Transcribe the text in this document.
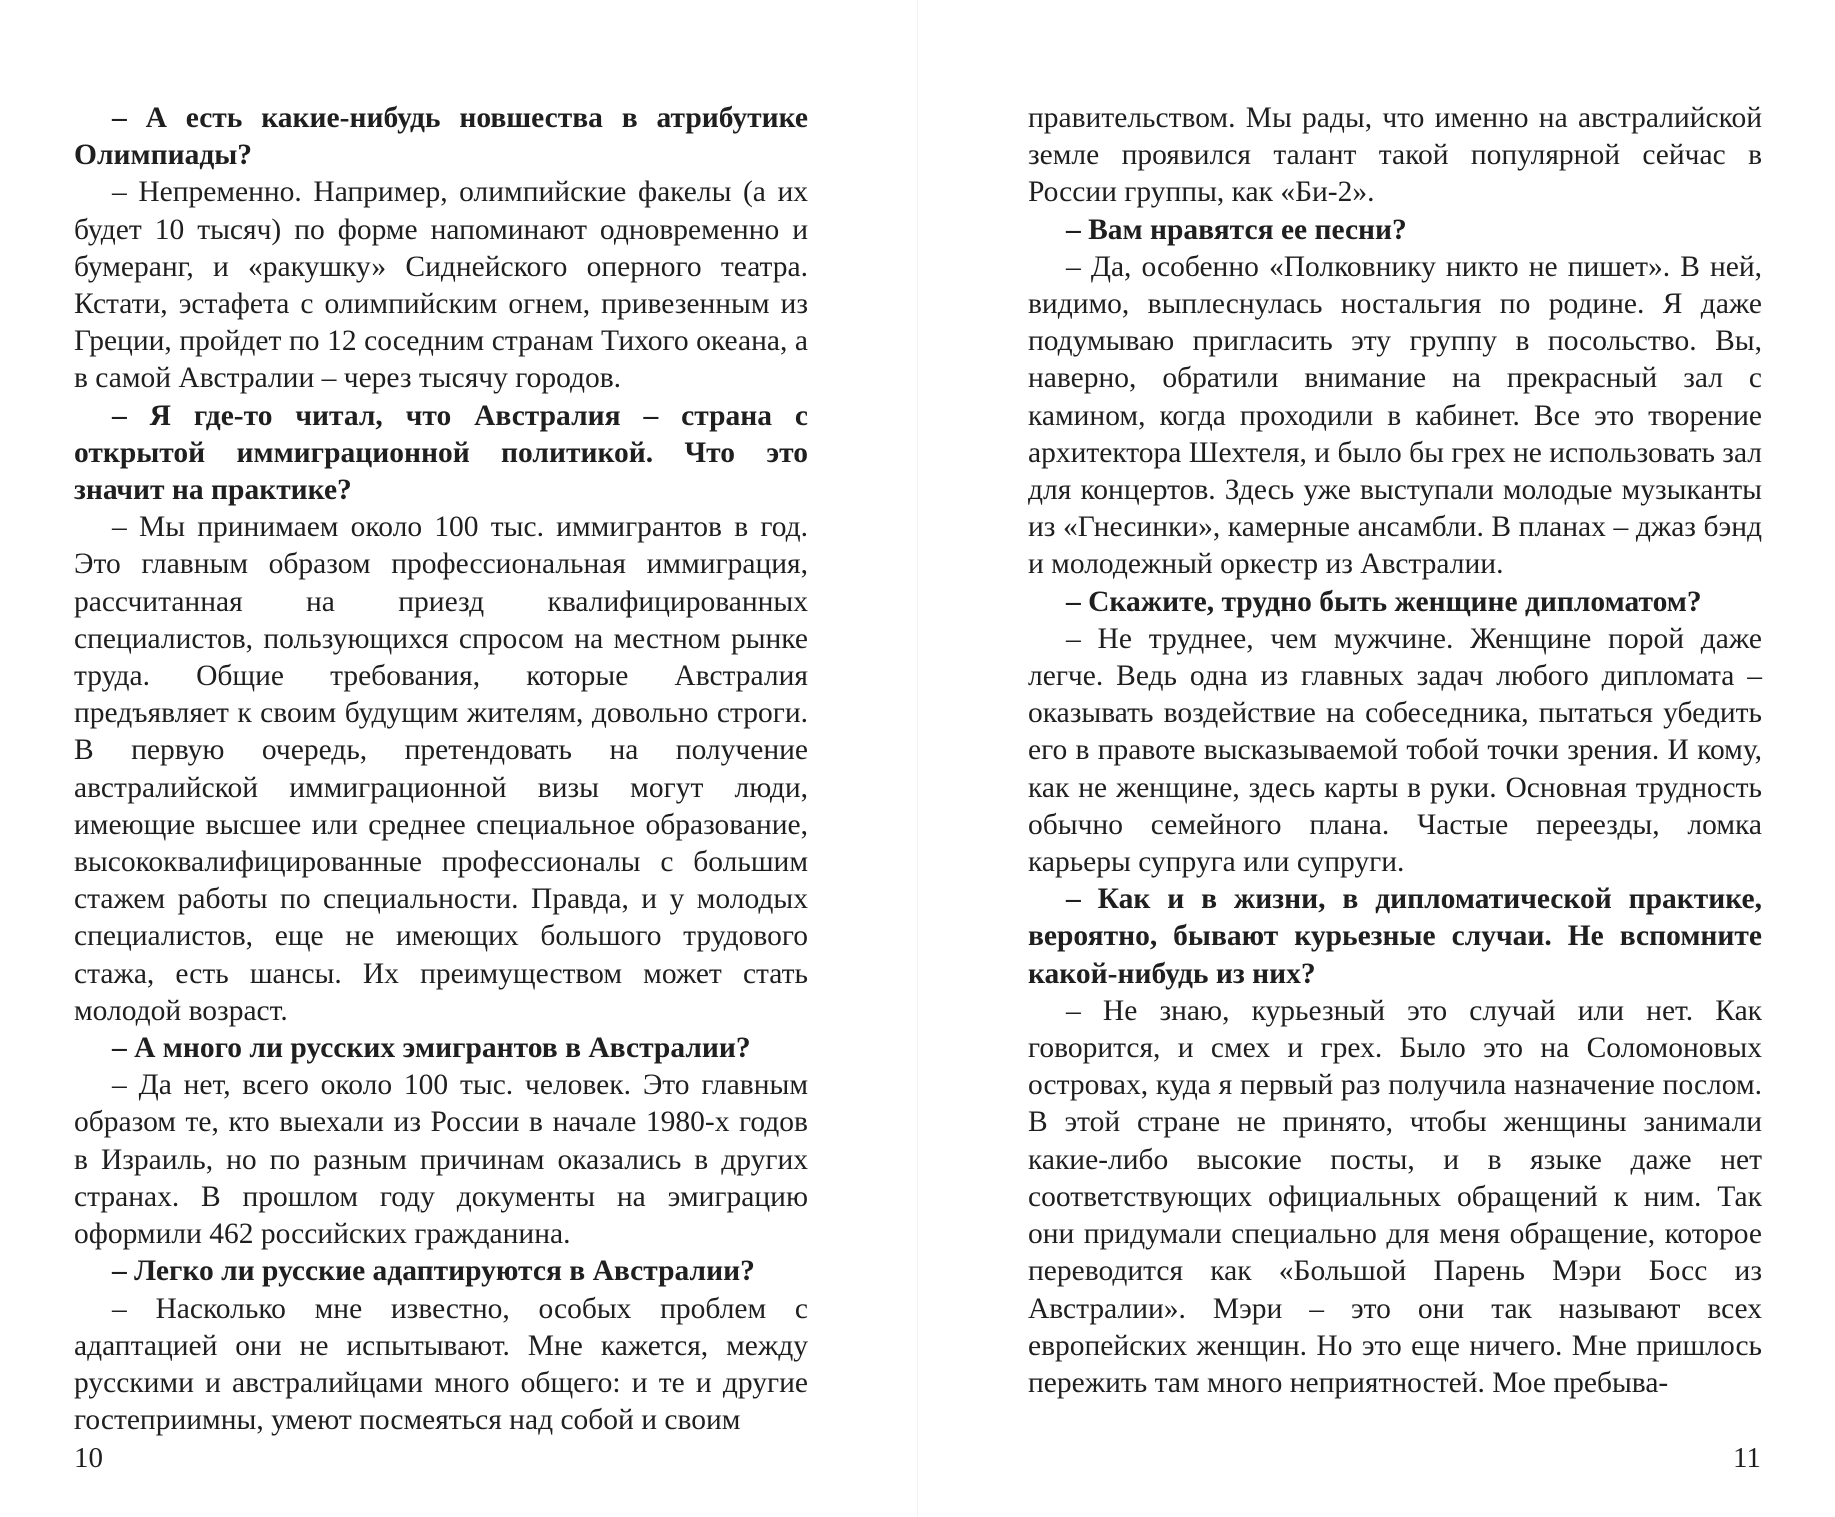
– А есть какие-нибудь новшества в атрибутике Олимпиады?

– Непременно. Например, олимпийские факелы (а их будет 10 тысяч) по форме напоминают одновременно и бумеранг, и «ракушку» Сиднейского оперного театра. Кстати, эстафета с олимпийским огнем, привезенным из Греции, пройдет по 12 соседним странам Тихого океана, а в самой Австралии – через тысячу городов.

– Я где-то читал, что Австралия – страна с открытой иммиграционной политикой. Что это значит на практике?

– Мы принимаем около 100 тыс. иммигрантов в год. Это главным образом профессиональная иммиграция, рассчитанная на приезд квалифицированных специалистов, пользующихся спросом на местном рынке труда. Общие требования, которые Австралия предъявляет к своим будущим жителям, довольно строги. В первую очередь, претендовать на получение австралийской иммиграционной визы могут люди, имеющие высшее или среднее специальное образование, высококвалифицированные профессионалы с большим стажем работы по специальности. Правда, и у молодых специалистов, еще не имеющих большого трудового стажа, есть шансы. Их преимуществом может стать молодой возраст.

– А много ли русских эмигрантов в Австралии?

– Да нет, всего около 100 тыс. человек. Это главным образом те, кто выехали из России в начале 1980-х годов в Израиль, но по разным причинам оказались в других странах. В прошлом году документы на эмиграцию оформили 462 российских гражданина.

– Легко ли русские адаптируются в Австралии?

– Насколько мне известно, особых проблем с адаптацией они не испытывают. Мне кажется, между русскими и австралийцами много общего: и те и другие гостеприимны, умеют посмеяться над собой и своим

10

правительством. Мы рады, что именно на австралийской земле проявился талант такой популярной сейчас в России группы, как «Би-2».

– Вам нравятся ее песни?

– Да, особенно «Полковнику никто не пишет». В ней, видимо, выплеснулась ностальгия по родине. Я даже подумываю пригласить эту группу в посольство. Вы, наверно, обратили внимание на прекрасный зал с камином, когда проходили в кабинет. Все это творение архитектора Шехтеля, и было бы грех не использовать зал для концертов. Здесь уже выступали молодые музыканты из «Гнесинки», камерные ансамбли. В планах – джаз бэнд и молодежный оркестр из Австралии.

– Скажите, трудно быть женщине дипломатом?

– Не труднее, чем мужчине. Женщине порой даже легче. Ведь одна из главных задач любого дипломата – оказывать воздействие на собеседника, пытаться убедить его в правоте высказываемой тобой точки зрения. И кому, как не женщине, здесь карты в руки. Основная трудность обычно семейного плана. Частые переезды, ломка карьеры супруга или супруги.

– Как и в жизни, в дипломатической практике, вероятно, бывают курьезные случаи. Не вспомните какой-нибудь из них?

– Не знаю, курьезный это случай или нет. Как говорится, и смех и грех. Было это на Соломоновых островах, куда я первый раз получила назначение послом. В этой стране не принято, чтобы женщины занимали какие-либо высокие посты, и в языке даже нет соответствующих официальных обращений к ним. Так они придумали специально для меня обращение, которое переводится как «Большой Парень Мэри Босс из Австралии». Мэри – это они так называют всех европейских женщин. Но это еще ничего. Мне пришлось пережить там много неприятностей. Мое пребыва-

11
